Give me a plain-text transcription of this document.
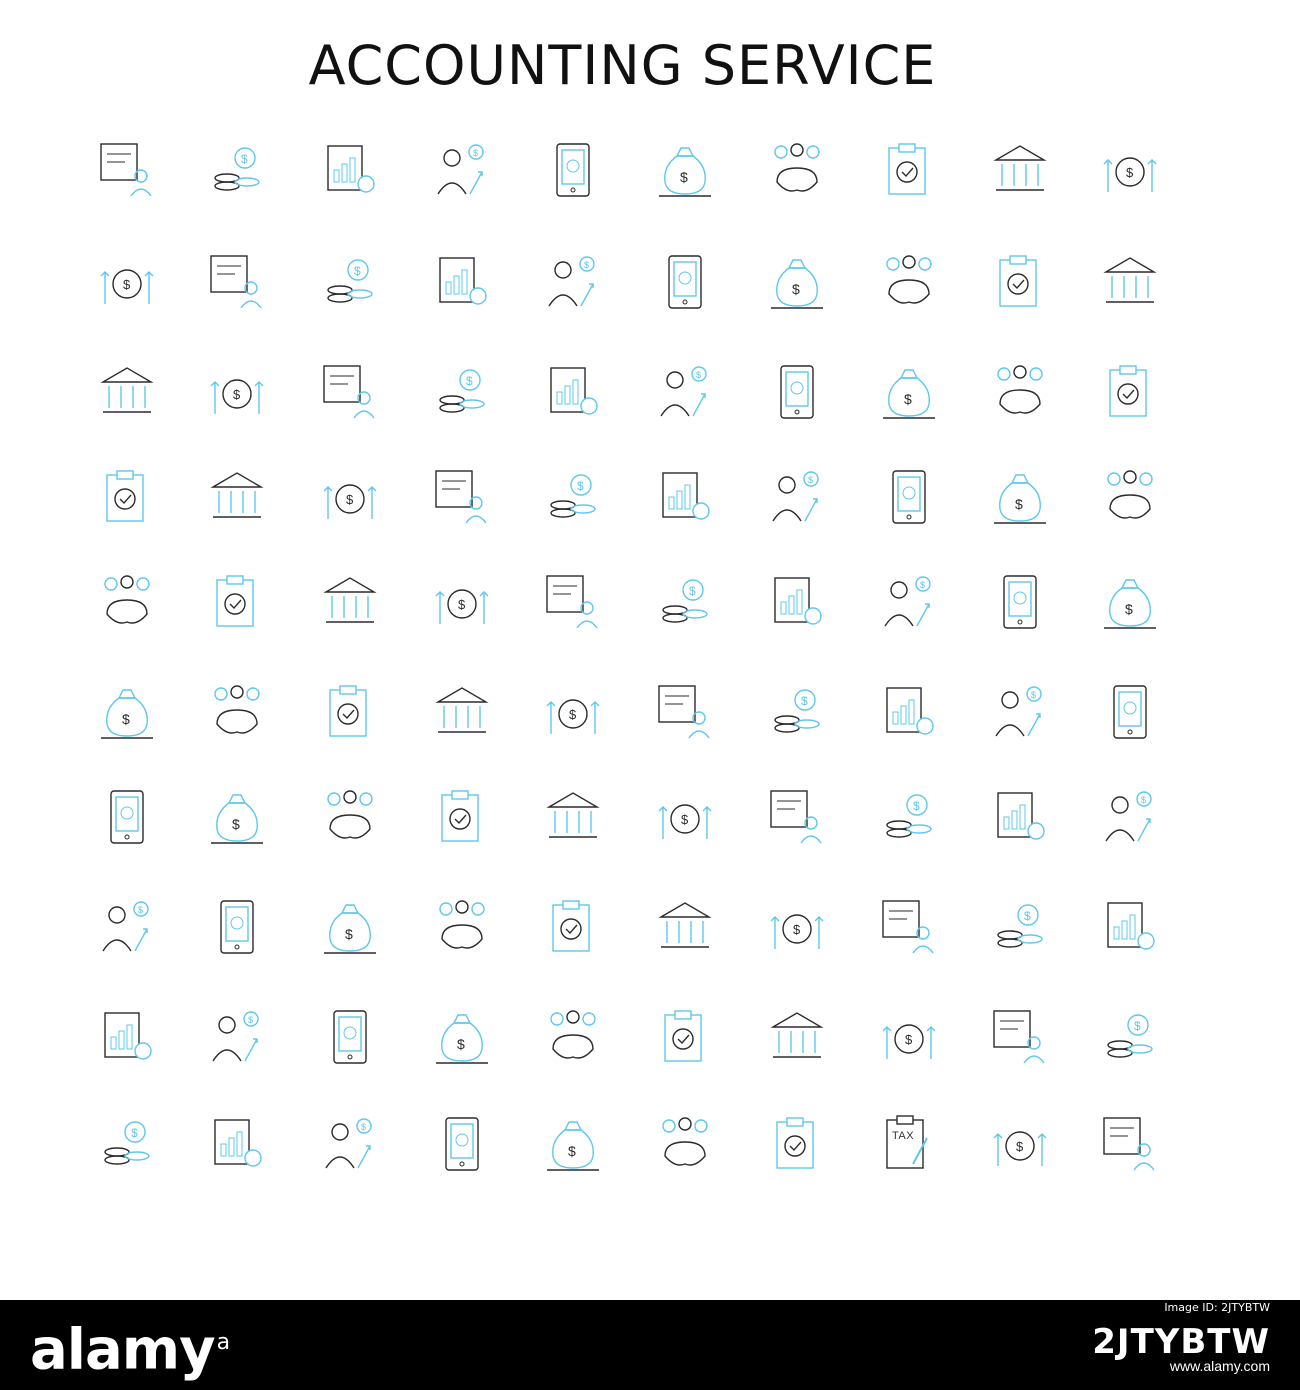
ACCOUNTING SERVICE
$	$
$	$
$
$	$
$
$
$	$
$
$
$	$
$
$
$	$
$
$	$
$	$
$	$
$	$
$
$	$
$
$
$	$
$
$	$
$
TAX
$
alamy$^a$
Image ID: 2JTYBTW
2JTYBTW
www.alamy.com
